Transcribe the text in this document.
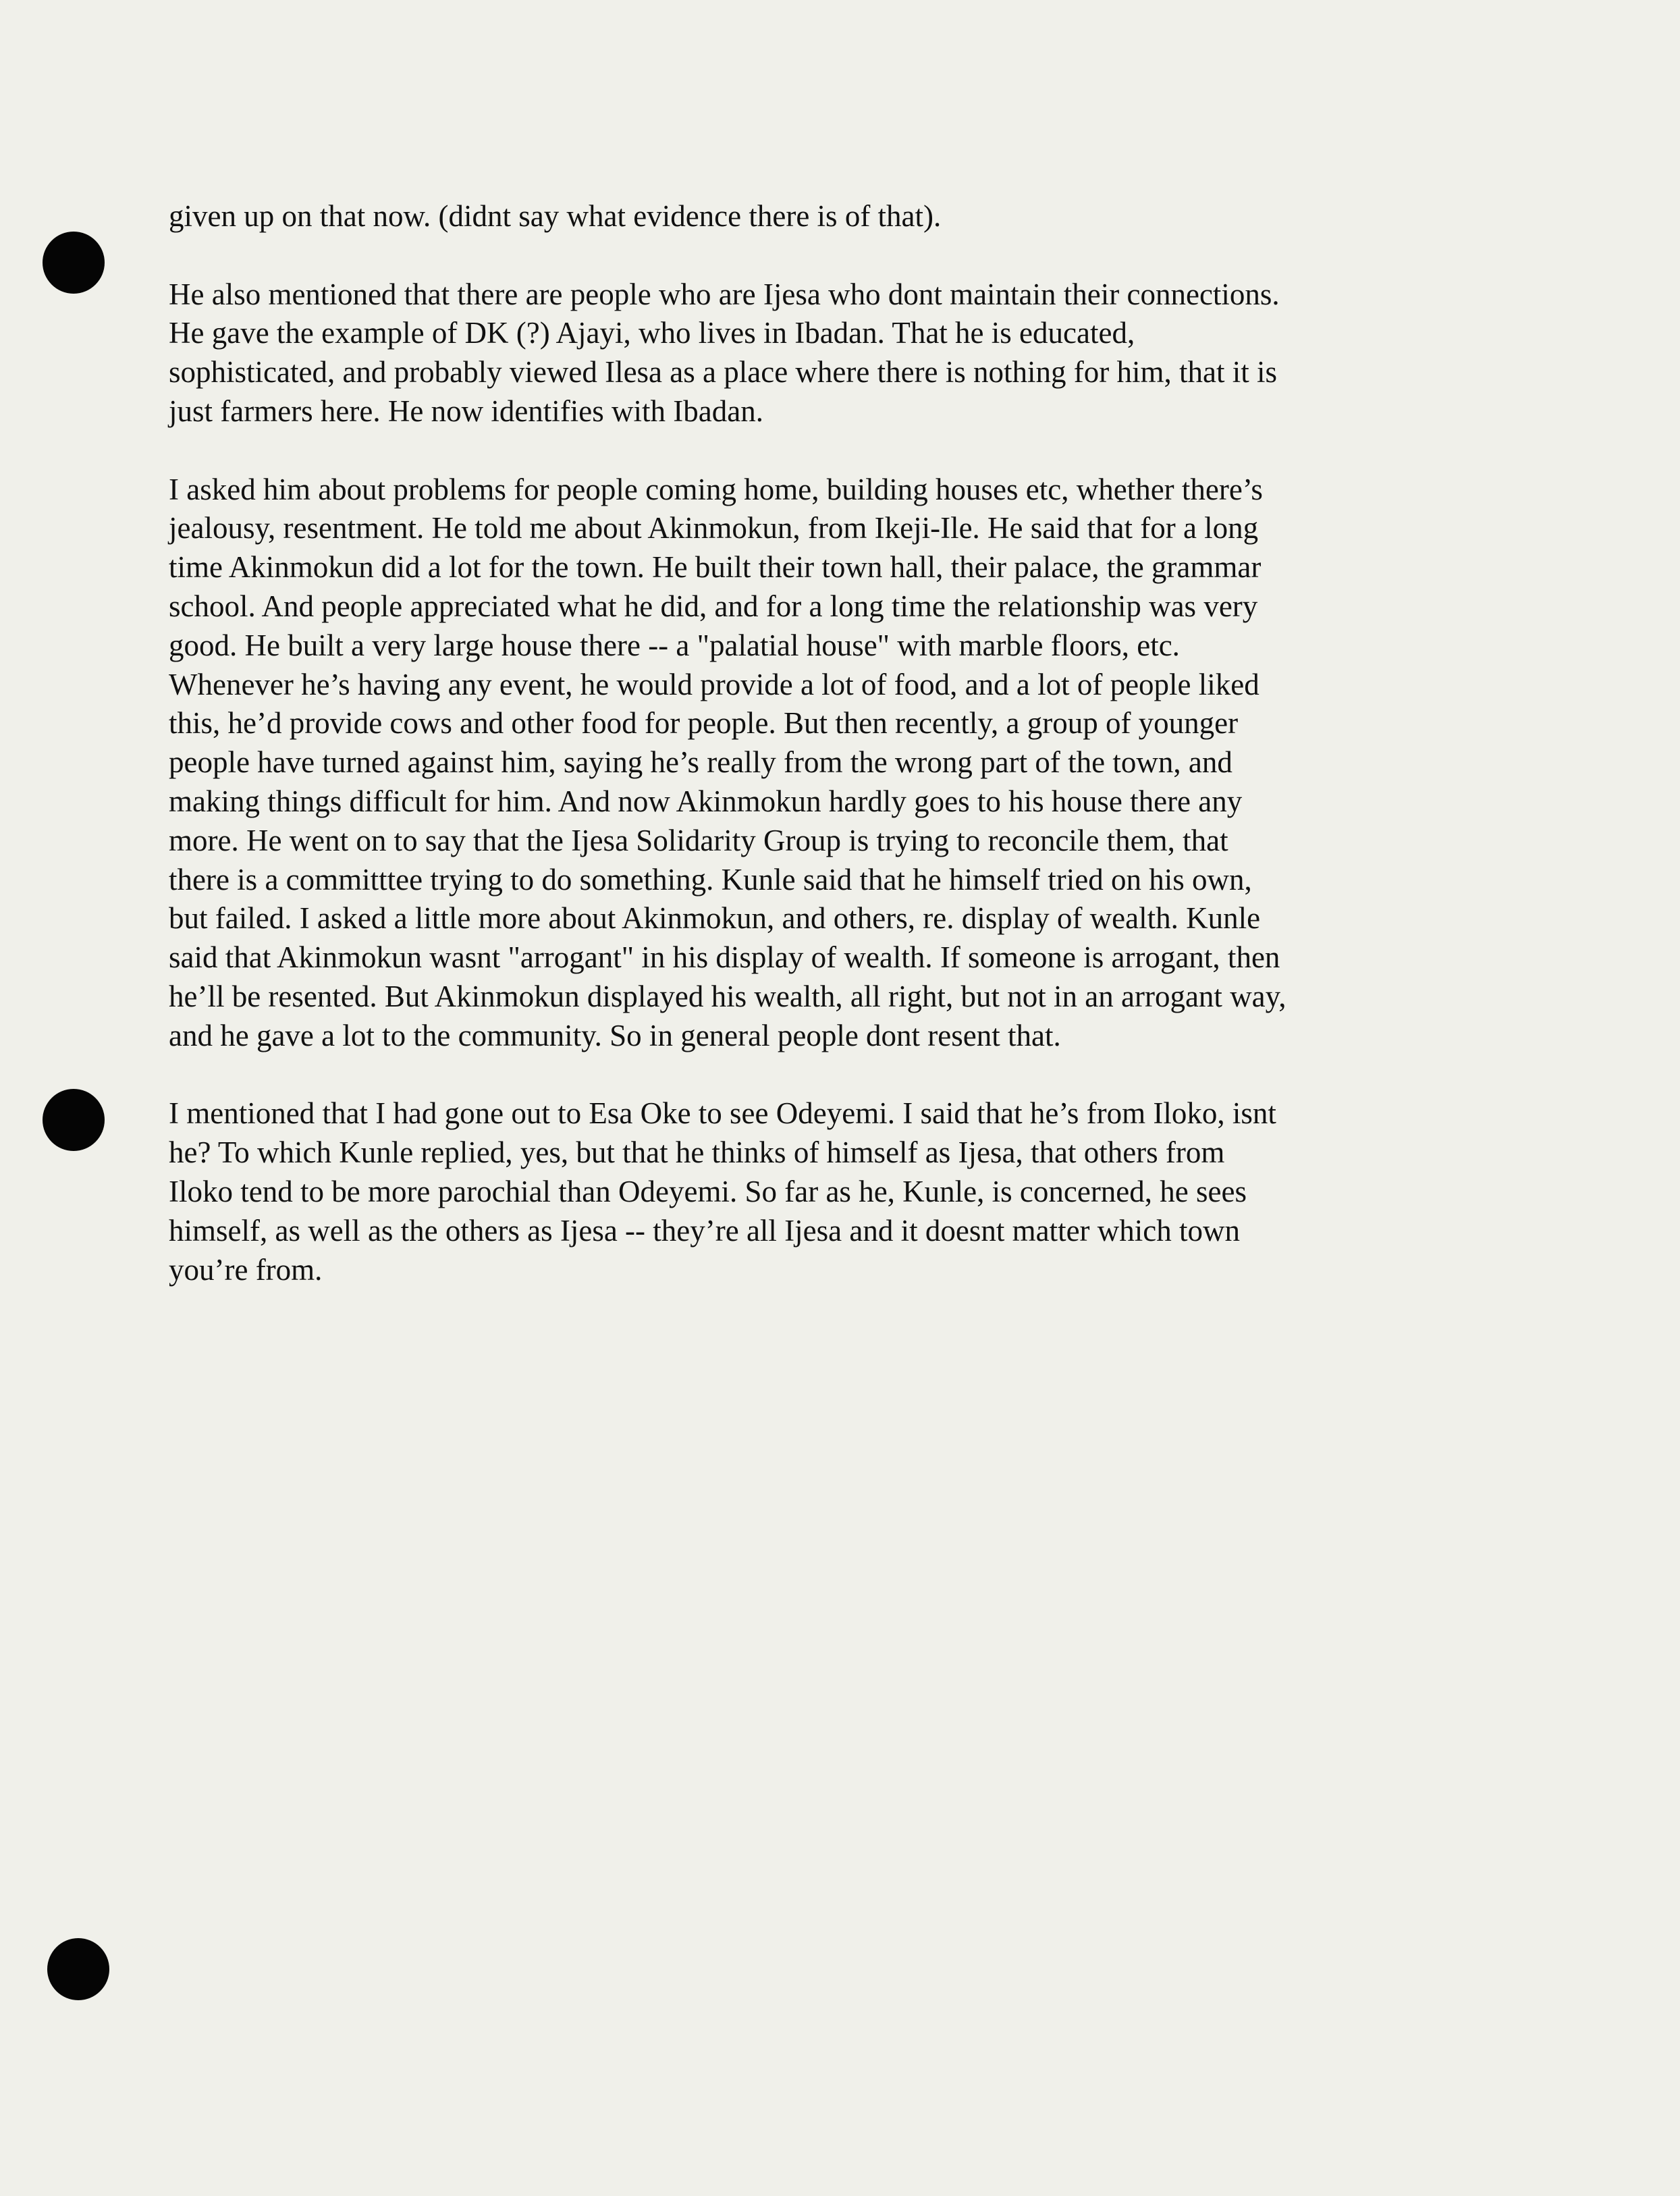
given up on that now. (didnt say what evidence there is of that).
He also mentioned that there are people who are Ijesa who dont maintain their connections.
He gave the example of DK (?) Ajayi, who lives in Ibadan. That he is educated,
sophisticated, and probably viewed Ilesa as a place where there is nothing for him, that it is
just farmers here. He now identifies with Ibadan.
I asked him about problems for people coming home, building houses etc, whether there’s
jealousy, resentment. He told me about Akinmokun, from Ikeji-Ile. He said that for a long
time Akinmokun did a lot for the town. He built their town hall, their palace, the grammar
school. And people appreciated what he did, and for a long time the relationship was very
good. He built a very large house there -- a "palatial house" with marble floors, etc.
Whenever he’s having any event, he would provide a lot of food, and a lot of people liked
this, he’d provide cows and other food for people. But then recently, a group of younger
people have turned against him, saying he’s really from the wrong part of the town, and
making things difficult for him. And now Akinmokun hardly goes to his house there any
more. He went on to say that the Ijesa Solidarity Group is trying to reconcile them, that
there is a committtee trying to do something. Kunle said that he himself tried on his own,
but failed. I asked a little more about Akinmokun, and others, re. display of wealth. Kunle
said that Akinmokun wasnt "arrogant" in his display of wealth. If someone is arrogant, then
he’ll be resented. But Akinmokun displayed his wealth, all right, but not in an arrogant way,
and he gave a lot to the community. So in general people dont resent that.
I mentioned that I had gone out to Esa Oke to see Odeyemi. I said that he’s from Iloko, isnt
he? To which Kunle replied, yes, but that he thinks of himself as Ijesa, that others from
Iloko tend to be more parochial than Odeyemi. So far as he, Kunle, is concerned, he sees
himself, as well as the others as Ijesa -- they’re all Ijesa and it doesnt matter which town
you’re from.
